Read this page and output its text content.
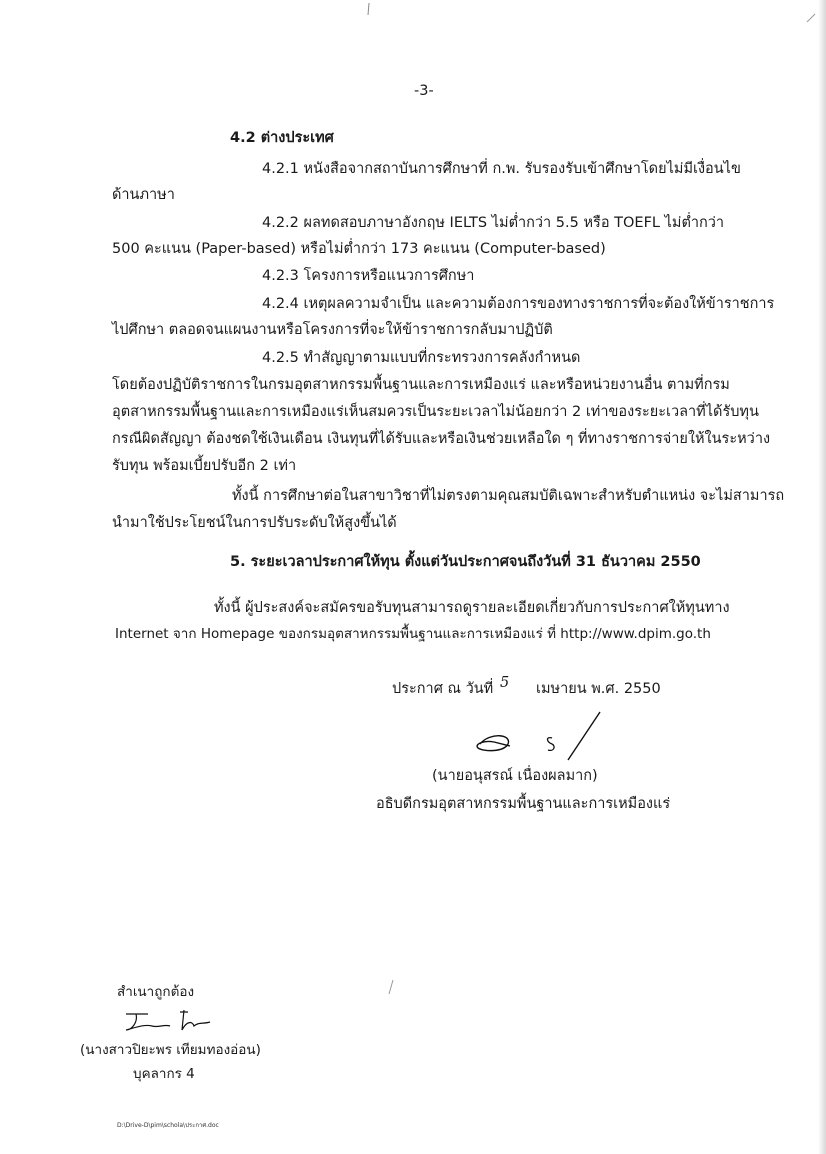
-3-
4.2 ต่างประเทศ
4.2.1 หนังสือจากสถาบันการศึกษาที่ ก.พ. รับรองรับเข้าศึกษาโดยไม่มีเงื่อนไข
ด้านภาษา
4.2.2 ผลทดสอบภาษาอังกฤษ IELTS ไม่ต่ำกว่า 5.5 หรือ TOEFL ไม่ต่ำกว่า
500 คะแนน (Paper-based) หรือไม่ต่ำกว่า 173 คะแนน (Computer-based)
4.2.3 โครงการหรือแนวการศึกษา
4.2.4 เหตุผลความจำเป็น และความต้องการของทางราชการที่จะต้องให้ข้าราชการ
ไปศึกษา ตลอดจนแผนงานหรือโครงการที่จะให้ข้าราชการกลับมาปฏิบัติ
4.2.5 ทำสัญญาตามแบบที่กระทรวงการคลังกำหนด
โดยต้องปฏิบัติราชการในกรมอุตสาหกรรมพื้นฐานและการเหมืองแร่ และหรือหน่วยงานอื่น ตามที่กรม
อุตสาหกรรมพื้นฐานและการเหมืองแร่เห็นสมควรเป็นระยะเวลาไม่น้อยกว่า 2 เท่าของระยะเวลาที่ได้รับทุน
กรณีผิดสัญญา ต้องชดใช้เงินเดือน เงินทุนที่ได้รับและหรือเงินช่วยเหลือใด ๆ ที่ทางราชการจ่ายให้ในระหว่าง
รับทุน พร้อมเบี้ยปรับอีก 2 เท่า
ทั้งนี้ การศึกษาต่อในสาขาวิชาที่ไม่ตรงตามคุณสมบัติเฉพาะสำหรับตำแหน่ง จะไม่สามารถ
นำมาใช้ประโยชน์ในการปรับระดับให้สูงขึ้นได้
5. ระยะเวลาประกาศให้ทุน ตั้งแต่วันประกาศจนถึงวันที่ 31 ธันวาคม 2550
ทั้งนี้ ผู้ประสงค์จะสมัครขอรับทุนสามารถดูรายละเอียดเกี่ยวกับการประกาศให้ทุนทาง
Internet จาก Homepage ของกรมอุตสาหกรรมพื้นฐานและการเหมืองแร่ ที่ http://www.dpim.go.th
ประกาศ ณ วันที่ 5 เมษายน พ.ศ. 2550
(นายอนุสรณ์ เนื่องผลมาก)
อธิบดีกรมอุตสาหกรรมพื้นฐานและการเหมืองแร่
สำเนาถูกต้อง
(นางสาวปิยะพร เทียมทองอ่อน)
บุคลากร 4
D:\Drive-D\pim\schola\ประกาศ.doc
